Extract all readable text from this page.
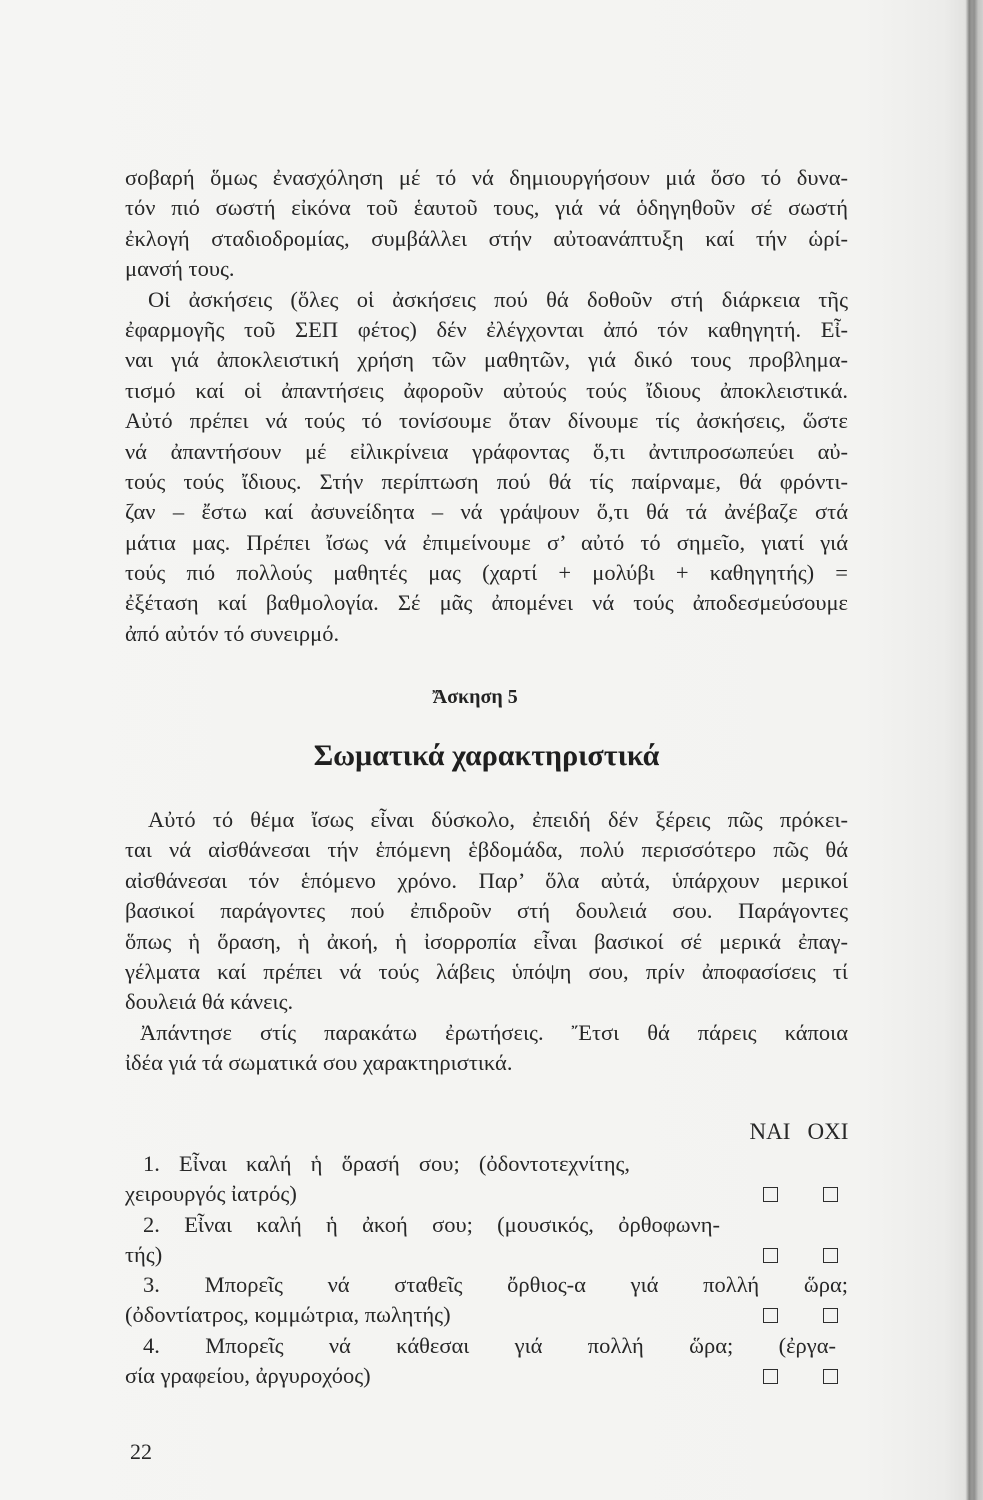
σοβαρή ὅμως ἐνασχόληση μέ τό νά δημιουργήσουν μιά ὅσο τό δυνα-
τόν πιό σωστή εἰκόνα τοῦ ἑαυτοῦ τους, γιά νά ὁδηγηθοῦν σέ σωστή
ἐκλογή σταδιοδρομίας, συμβάλλει στήν αὐτοανάπτυξη καί τήν ὡρί-
μανσή τους.
Οἱ ἀσκήσεις (ὅλες οἱ ἀσκήσεις πού θά δοθοῦν στή διάρκεια τῆς
ἐφαρμογῆς τοῦ ΣΕΠ φέτος) δέν ἐλέγχονται ἀπό τόν καθηγητή. Εἶ-
ναι γιά ἀποκλειστική χρήση τῶν μαθητῶν, γιά δικό τους προβλημα-
τισμό καί οἱ ἀπαντήσεις ἀφοροῦν αὐτούς τούς ἴδιους ἀποκλειστικά.
Αὐτό πρέπει νά τούς τό τονίσουμε ὅταν δίνουμε τίς ἀσκήσεις, ὥστε
νά ἀπαντήσουν μέ εἰλικρίνεια γράφοντας ὅ,τι ἀντιπροσωπεύει αὐ-
τούς τούς ἴδιους. Στήν περίπτωση πού θά τίς παίρναμε, θά φρόντι-
ζαν – ἔστω καί ἀσυνείδητα – νά γράψουν ὅ,τι θά τά ἀνέβαζε στά
μάτια μας. Πρέπει ἴσως νά ἐπιμείνουμε σ’ αὐτό τό σημεῖο, γιατί γιά
τούς πιό πολλούς μαθητές μας (χαρτί + μολύβι + καθηγητής) =
ἐξέταση καί βαθμολογία. Σέ μᾶς ἀπομένει νά τούς ἀποδεσμεύσουμε
ἀπό αὐτόν τό συνειρμό.
Ἄσκηση 5
Σωματικά χαρακτηριστικά
Αὐτό τό θέμα ἴσως εἶναι δύσκολο, ἐπειδή δέν ξέρεις πῶς πρόκει-
ται νά αἰσθάνεσαι τήν ἑπόμενη ἑβδομάδα, πολύ περισσότερο πῶς θά
αἰσθάνεσαι τόν ἑπόμενο χρόνο. Παρ’ ὅλα αὐτά, ὑπάρχουν μερικοί
βασικοί παράγοντες πού ἐπιδροῦν στή δουλειά σου. Παράγοντες
ὅπως ἡ ὅραση, ἡ ἀκοή, ἡ ἰσορροπία εἶναι βασικοί σέ μερικά ἐπαγ-
γέλματα καί πρέπει νά τούς λάβεις ὑπόψη σου, πρίν ἀποφασίσεις τί
δουλειά θά κάνεις.
Ἀπάντησε στίς παρακάτω ἐρωτήσεις. Ἔτσι θά πάρεις κάποια
ἰδέα γιά τά σωματικά σου χαρακτηριστικά.
ΝΑΙ ΟΧΙ
1. Εἶναι καλή ἡ ὅρασή σου; (ὀδοντοτεχνίτης,
χειρουργός ἰατρός)
2. Εἶναι καλή ἡ ἀκοή σου; (μουσικός, ὀρθοφωνη-
τής)
3. Μπορεῖς νά σταθεῖς ὄρθιος-α γιά πολλή ὥρα;
(ὀδοντίατρος, κομμώτρια, πωλητής)
4. Μπορεῖς νά κάθεσαι γιά πολλή ὥρα; (ἐργα-
σία γραφείου, ἀργυροχόος)
22
